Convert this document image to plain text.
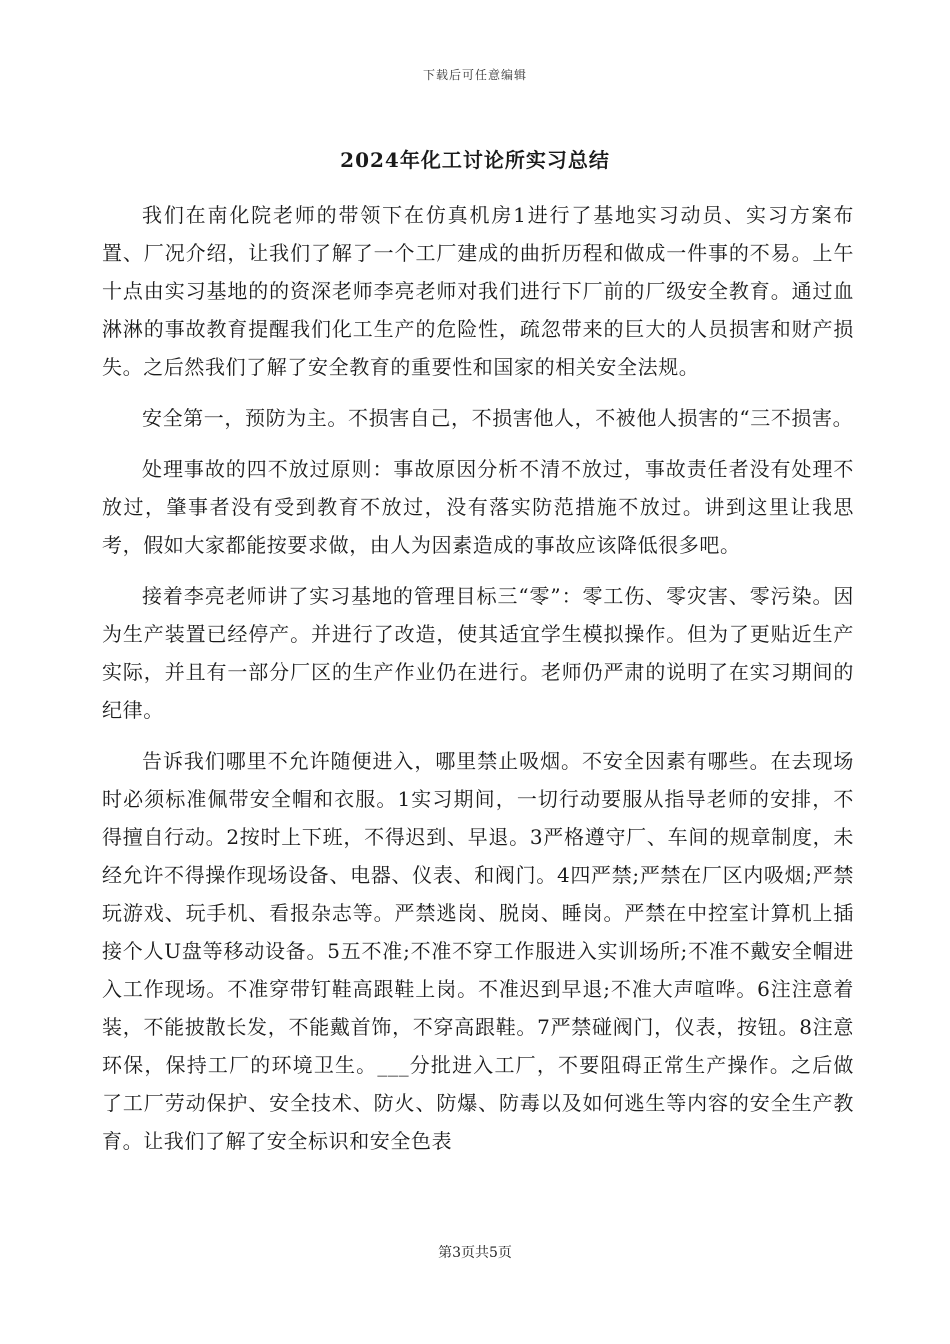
下载后可任意编辑
2024年化工讨论所实习总结

我们在南化院老师的带领下在仿真机房1进行了基地实习动员、实习方案布置、厂况介绍，让我们了解了一个工厂建成的曲折历程和做成一件事的不易。上午十点由实习基地的的资深老师李亮老师对我们进行下厂前的厂级安全教育。通过血淋淋的事故教育提醒我们化工生产的危险性，疏忽带来的巨大的人员损害和财产损失。之后然我们了解了安全教育的重要性和国家的相关安全法规。

安全第一，预防为主。不损害自己，不损害他人，不被他人损害的“三不损害。

处理事故的四不放过原则：事故原因分析不清不放过，事故责任者没有处理不放过，肇事者没有受到教育不放过，没有落实防范措施不放过。讲到这里让我思考，假如大家都能按要求做，由人为因素造成的事故应该降低很多吧。

接着李亮老师讲了实习基地的管理目标三“零”：零工伤、零灾害、零污染。因为生产装置已经停产。并进行了改造，使其适宜学生模拟操作。但为了更贴近生产实际，并且有一部分厂区的生产作业仍在进行。老师仍严肃的说明了在实习期间的纪律。

告诉我们哪里不允许随便进入，哪里禁止吸烟。不安全因素有哪些。在去现场时必须标准佩带安全帽和衣服。1实习期间，一切行动要服从指导老师的安排，不得擅自行动。2按时上下班，不得迟到、早退。3严格遵守厂、车间的规章制度，未经允许不得操作现场设备、电器、仪表、和阀门。4四严禁;严禁在厂区内吸烟;严禁玩游戏、玩手机、看报杂志等。严禁逃岗、脱岗、睡岗。严禁在中控室计算机上插接个人U盘等移动设备。5五不准;不准不穿工作服进入实训场所;不准不戴安全帽进入工作现场。不准穿带钉鞋高跟鞋上岗。不准迟到早退;不准大声喧哗。6注注意着装，不能披散长发，不能戴首饰，不穿高跟鞋。7严禁碰阀门，仪表，按钮。8注意环保，保持工厂的环境卫生。___分批进入工厂，不要阻碍正常生产操作。之后做了工厂劳动保护、安全技术、防火、防爆、防毒以及如何逃生等内容的安全生产教育。让我们了解了安全标识和安全色表

第3页共5页
